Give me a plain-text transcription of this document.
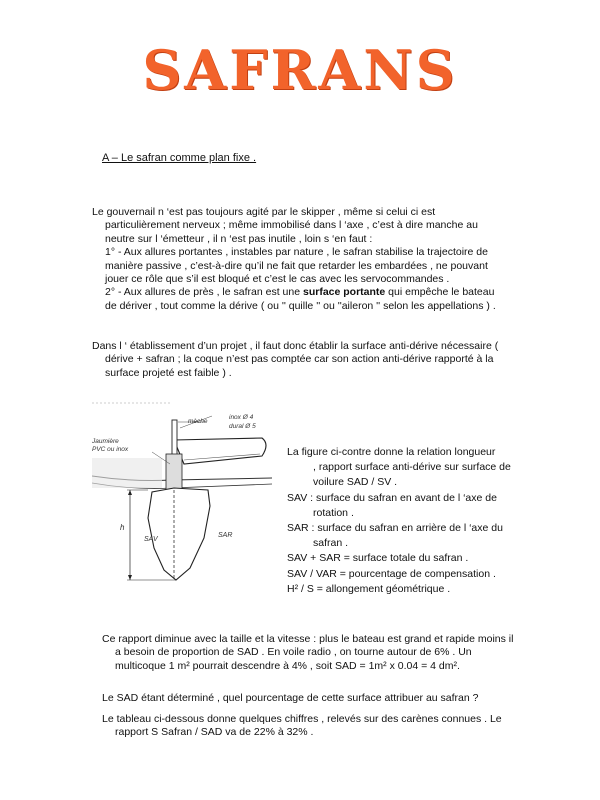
SAFRANS
A – Le safran comme plan fixe .
Le gouvernail n ‘est pas toujours agité par le skipper , même si celui ci est
particulièrement nerveux ; même immobilisé dans l ‘axe , c’est à dire manche au neutre sur l ‘émetteur , il n ‘est pas inutile , loin s ‘en faut :
1° - Aux allures portantes , instables par nature , le safran stabilise la trajectoire de manière passive , c’est-à-dire qu’il ne fait que retarder les embardées , ne pouvant jouer ce rôle que s’il est bloqué et c’est le cas avec les servocommandes .
2° - Aux allures de près , le safran est une surface portante qui empêche le bateau de dériver , tout comme la dérive ( ou '' quille '' ou ''aileron '' selon les appellations ) .
Dans l ‘ établissement d’un projet , il faut donc établir la surface anti-dérive nécessaire ( dérive + safran ; la coque n’est pas comptée car son action anti-dérive rapporté à la surface projeté est faible ) .
inox Ø 4
dural Ø 5
mèche
Jaumière
PVC ou inox
h
SAV
SAR
La figure ci-contre donne la relation longueur
, rapport surface anti-dérive sur surface de voilure SAD / SV .
SAV : surface du safran en avant de l ‘axe de rotation .
SAR : surface du safran en arrière de l ‘axe du safran .
SAV + SAR = surface totale du safran .
SAV / VAR = pourcentage de compensation .
H² / S = allongement géométrique .
Ce rapport diminue avec la taille et la vitesse : plus le bateau est grand et rapide moins il a besoin de proportion de SAD . En voile radio , on tourne autour de 6% . Un multicoque 1 m² pourrait descendre à 4% , soit SAD = 1m² x 0.04 = 4 dm².
Le SAD étant déterminé , quel pourcentage de cette surface attribuer au safran ?
Le tableau ci-dessous donne quelques chiffres , relevés sur des carènes connues . Le rapport S Safran / SAD va de 22% à 32% .
